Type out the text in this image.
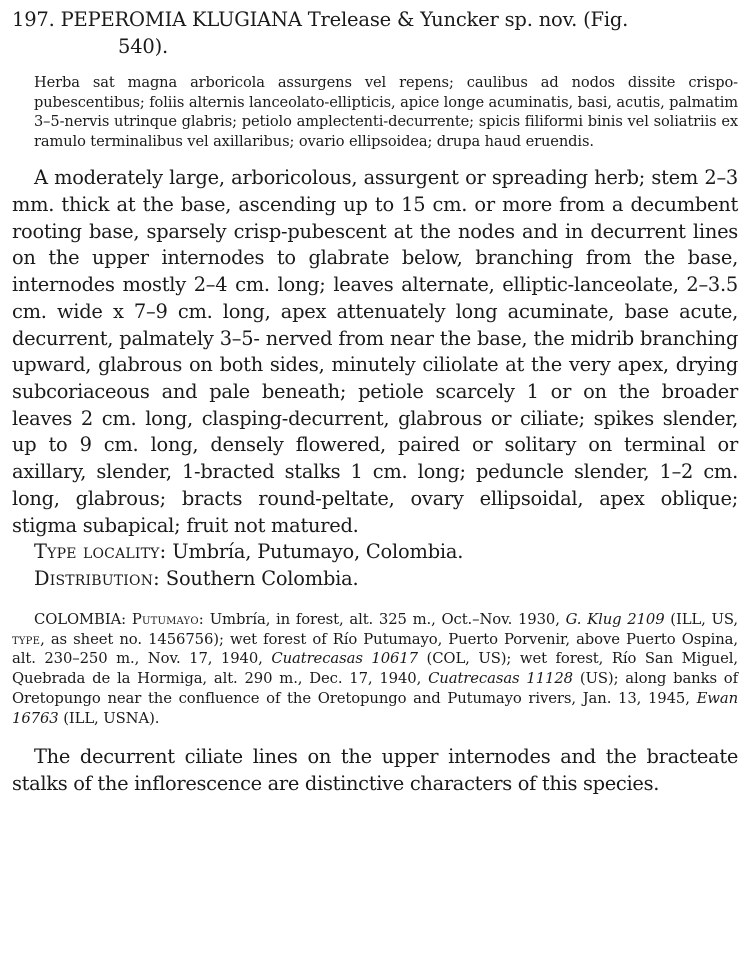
197. PEPEROMIA KLUGIANA Trelease & Yuncker sp. nov. (Fig.
540).

Herba sat magna arboricola assurgens vel repens; caulibus ad nodos dissite crispo-pubescentibus; foliis alternis lanceolato-ellipticis, apice longe acuminatis, basi, acutis, palmatim 3–5-nervis utrinque glabris; petiolo amplectenti-decurrente; spicis filiformi binis vel soliatriis ex ramulo terminalibus vel axillaribus; ovario ellipsoidea; drupa haud eruendis.

A moderately large, arboricolous, assurgent or spreading herb; stem 2–3 mm. thick at the base, ascending up to 15 cm. or more from a decumbent rooting base, sparsely crisp-pubescent at the nodes and in decurrent lines on the upper internodes to glabrate below, branching from the base, internodes mostly 2–4 cm. long; leaves alternate, elliptic-lanceolate, 2–3.5 cm. wide x 7–9 cm. long, apex attenuately long acuminate, base acute, decurrent, palmately 3–5- nerved from near the base, the midrib branching upward, glabrous on both sides, minutely ciliolate at the very apex, drying subcoriaceous and pale beneath; petiole scarcely 1 or on the broader leaves 2 cm. long, clasping-decurrent, glabrous or ciliate; spikes slender, up to 9 cm. long, densely flowered, paired or solitary on terminal or axillary, slender, 1-bracted stalks 1 cm. long; peduncle slender, 1–2 cm. long, glabrous; bracts round-peltate, ovary ellipsoidal, apex oblique; stigma subapical; fruit not matured.

Type locality: Umbría, Putumayo, Colombia.

Distribution: Southern Colombia.

COLOMBIA: Putumayo: Umbría, in forest, alt. 325 m., Oct.–Nov. 1930, G. Klug 2109 (ILL, US, type, as sheet no. 1456756); wet forest of Río Putumayo, Puerto Porvenir, above Puerto Ospina, alt. 230–250 m., Nov. 17, 1940, Cuatrecasas 10617 (COL, US); wet forest, Río San Miguel, Quebrada de la Hormiga, alt. 290 m., Dec. 17, 1940, Cuatrecasas 11128 (US); along banks of Oretopungo near the confluence of the Oretopungo and Putumayo rivers, Jan. 13, 1945, Ewan 16763 (ILL, USNA).

The decurrent ciliate lines on the upper internodes and the bracteate stalks of the inflorescence are distinctive characters of this species.
